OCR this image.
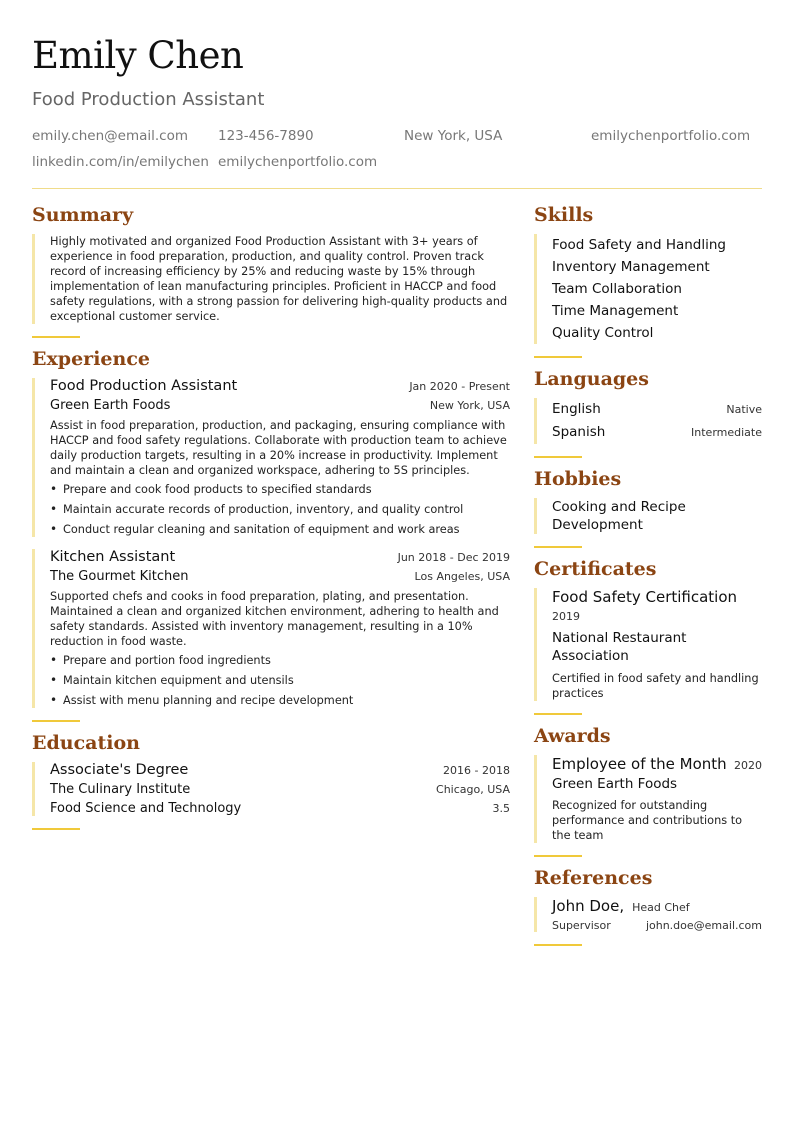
Emily Chen
Food Production Assistant
emily.chen@email.com 123-456-7890	New York, USA	emilychenportfolio.com
linkedin.com/in/emilychen emilychenportfolio.com
Summary

Highly motivated and organized Food Production Assistant with 3+ years of experience in food preparation, production, and quality control. Proven track record of increasing efficiency by 25% and reducing waste by 15% through implementation of lean manufacturing principles. Proficient in HACCP and food safety regulations, with a strong passion for delivering high-quality products and exceptional customer service.

Experience
Food Production Assistant	Jan 2020 - Present
Green Earth Foods	New York, USA

Assist in food preparation, production, and packaging, ensuring compliance with HACCP and food safety regulations. Collaborate with production team to achieve daily production targets, resulting in a 20% increase in productivity. Implement and maintain a clean and organized workspace, adhering to 5S principles.

• Prepare and cook food products to specified standards
• Maintain accurate records of production, inventory, and quality control
• Conduct regular cleaning and sanitation of equipment and work areas
Kitchen Assistant	Jun 2018 - Dec 2019
The Gourmet Kitchen	Los Angeles, USA

Supported chefs and cooks in food preparation, plating, and presentation. Maintained a clean and organized kitchen environment, adhering to health and safety standards. Assisted with inventory management, resulting in a 10% reduction in food waste.

• Prepare and portion food ingredients
• Maintain kitchen equipment and utensils
• Assist with menu planning and recipe development
Education
Associate's Degree	2016 - 2018
The Culinary Institute	Chicago, USA
Food Science and Technology	3.5
Skills
Food Safety and Handling
Inventory Management
Team Collaboration
Time Management
Quality Control
Languages
English	Native
Spanish	Intermediate
Hobbies
Cooking and Recipe Development
Certificates
Food Safety Certification
2019
National Restaurant Association
Certified in food safety and handling practices
Awards
Employee of the Month 2020
Green Earth Foods
Recognized for outstanding performance and contributions to the team
References
John Doe, Head Chef
Supervisor	john.doe@email.com
